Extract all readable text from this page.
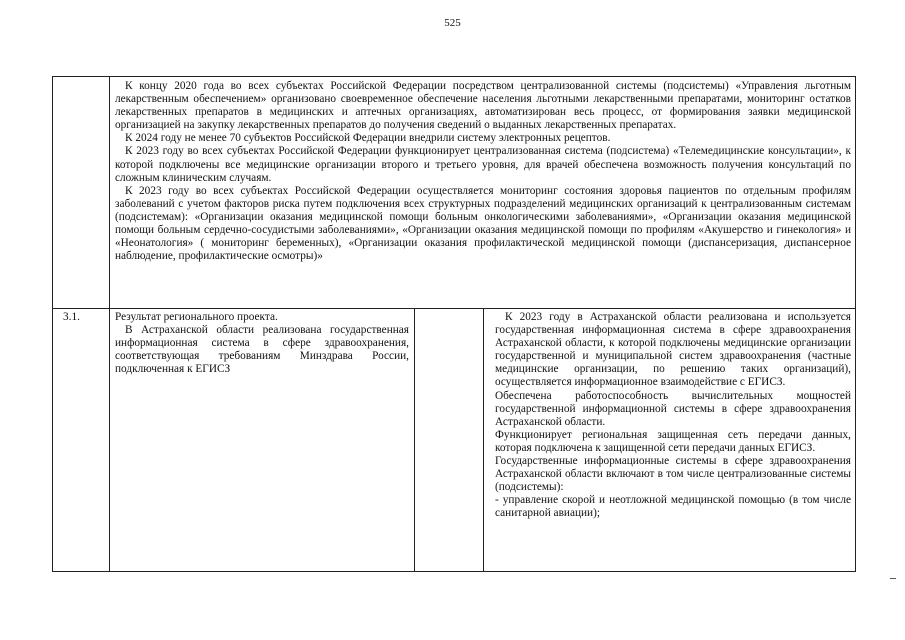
525

К концу 2020 года во всех субъектах Российской Федерации посредством централизованной системы (подсистемы) «Управления льготным лекарственным обеспечением» организовано своевременное обеспечение населения льготными лекарственными препаратами, мониторинг остатков лекарственных препаратов в медицинских и аптечных организациях, автоматизирован весь процесс, от формирования заявки медицинской организацией на закупку лекарственных препаратов до получения сведений о выданных лекарственных препаратах.

К 2024 году не менее 70 субъектов Российской Федерации внедрили систему электронных рецептов.

К 2023 году во всех субъектах Российской Федерации функционирует централизованная система (подсистема) «Телемедицинские консультации», к которой подключены все медицинские организации второго и третьего уровня, для врачей обеспечена возможность получения консультаций по сложным клиническим случаям.

К 2023 году во всех субъектах Российской Федерации осуществляется мониторинг состояния здоровья пациентов по отдельным профилям заболеваний с учетом факторов риска путем подключения всех структурных подразделений медицинских организаций к централизованным системам (подсистемам): «Организации оказания медицинской помощи больным онкологическими заболеваниями», «Организации оказания медицинской помощи больным сердечно-сосудистыми заболеваниями», «Организации оказания медицинской помощи по профилям «Акушерство и гинекология» и «Неонатология» ( мониторинг беременных), «Организации оказания профилактической медицинской помощи (диспансеризация, диспансерное наблюдение, профилактические осмотры)»

3.1.	Результат регионального проекта.

В Астраханской области реализована государственная информационная система в сфере здравоохранения, соответствующая требованиям Минздрава России, подключенная к ЕГИСЗ

К 2023 году в Астраханской области реализована и используется государственная информационная система в сфере здравоохранения Астраханской области, к которой подключены медицинские организации государственной и муниципальной систем здравоохранения (частные медицинские организации, по решению таких организаций), осуществляется информационное взаимодействие с ЕГИСЗ.

Обеспечена работоспособность вычислительных мощностей государственной информационной системы в сфере здравоохранения Астраханской области.

Функционирует региональная защищенная сеть передачи данных, которая подключена к защищенной сети передачи данных ЕГИСЗ.

Государственные информационные системы в сфере здравоохранения Астраханской области включают в том числе централизованные системы (подсистемы):

- управление скорой и неотложной медицинской помощью (в том числе санитарной авиации);
